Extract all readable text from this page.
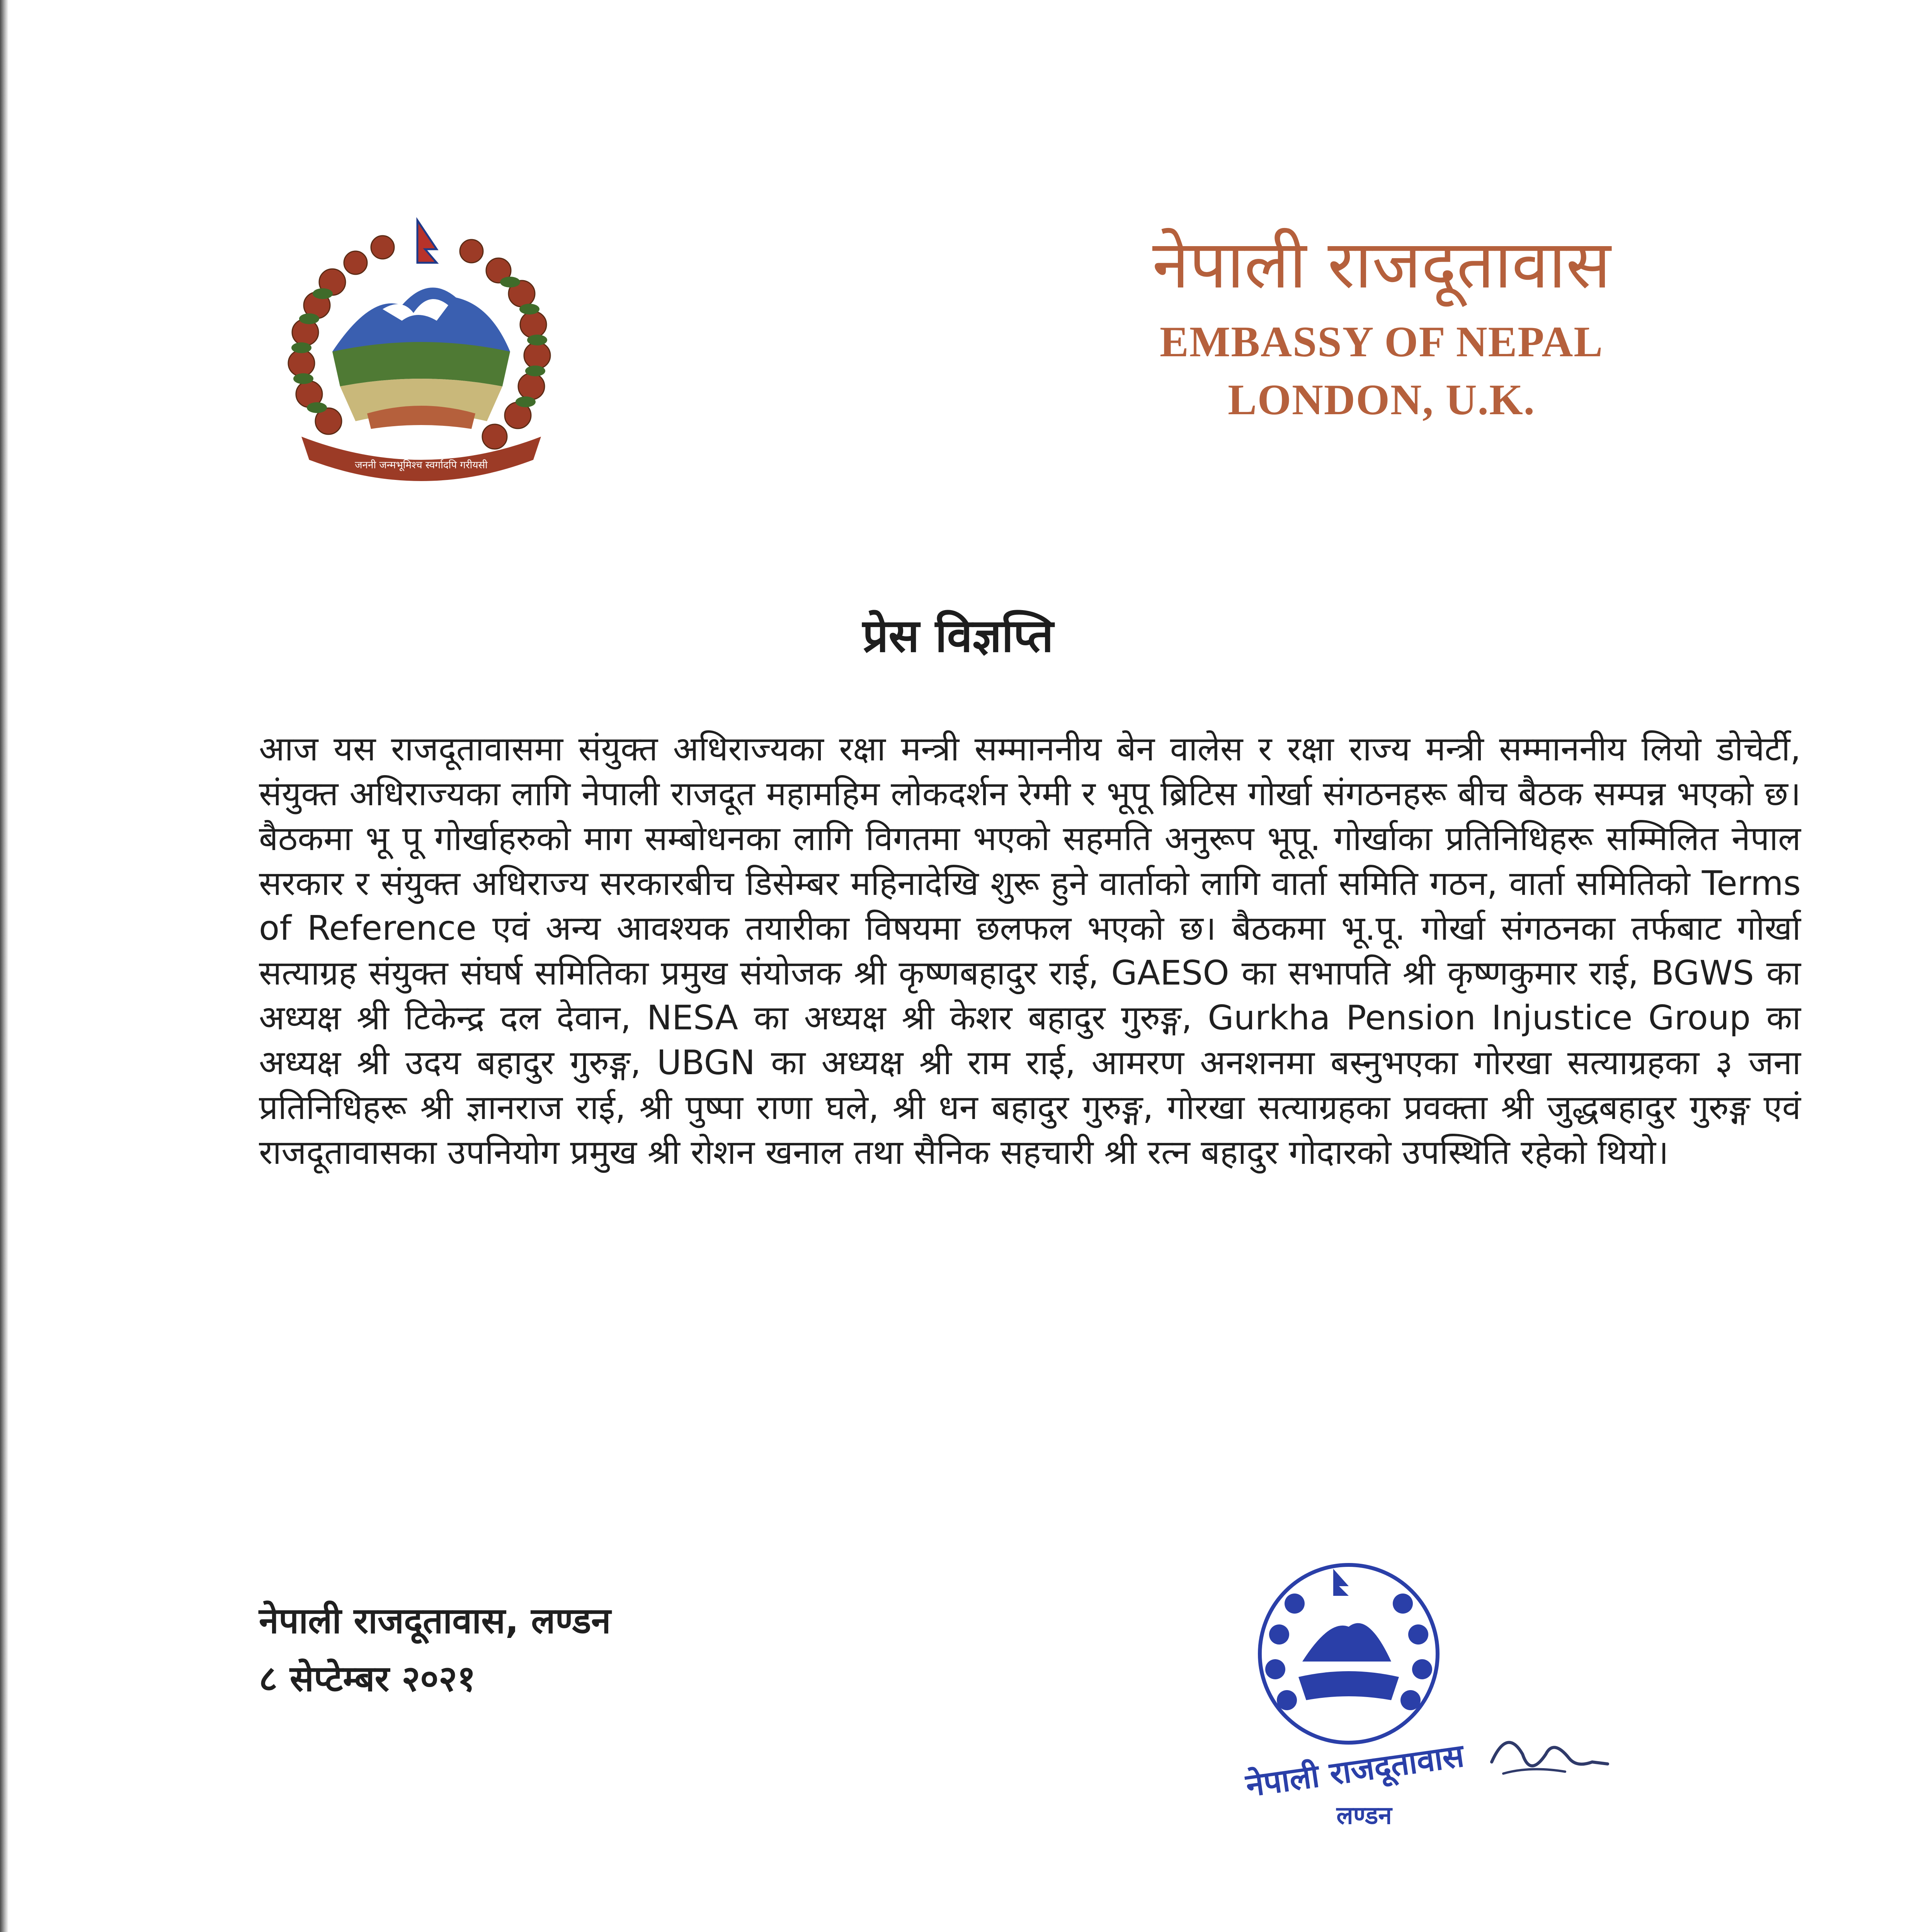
जननी जन्मभूमिश्च स्वर्गादपि गरीयसी
नेपाली राजदूतावास
EMBASSY OF NEPAL
LONDON, U.K.
प्रेस विज्ञप्ति
आज यस राजदूतावासमा संयुक्त अधिराज्यका रक्षा मन्त्री सम्माननीय बेन वालेस र रक्षा राज्य मन्त्री सम्माननीय लियो डोचेर्टी, संयुक्त अधिराज्यका लागि नेपाली राजदूत महामहिम लोकदर्शन रेग्मी र भूपू ब्रिटिस गोर्खा संगठनहरू बीच बैठक सम्पन्न भएको छ। बैठकमा भू पू गोर्खाहरुको माग सम्बोधनका लागि विगतमा भएको सहमति अनुरूप भूपू. गोर्खाका प्रतिनिधिहरू सम्मिलित नेपाल सरकार र संयुक्त अधिराज्य सरकारबीच डिसेम्बर महिनादेखि शुरू हुने वार्ताको लागि वार्ता समिति गठन, वार्ता समितिको Terms of Reference एवं अन्य आवश्यक तयारीका विषयमा छलफल भएको छ। बैठकमा भू.पू. गोर्खा संगठनका तर्फबाट गोर्खा सत्याग्रह संयुक्त संघर्ष समितिका प्रमुख संयोजक श्री कृष्णबहादुर राई, GAESO का सभापति श्री कृष्णकुमार राई, BGWS का अध्यक्ष श्री टिकेन्द्र दल देवान, NESA का अध्यक्ष श्री केशर बहादुर गुरुङ्ग, Gurkha Pension Injustice Group का अध्यक्ष श्री उदय बहादुर गुरुङ्ग, UBGN का अध्यक्ष श्री राम राई, आमरण अनशनमा बस्नुभएका गोरखा सत्याग्रहका ३ जना प्रतिनिधिहरू श्री ज्ञानराज राई, श्री पुष्पा राणा घले, श्री धन बहादुर गुरुङ्ग, गोरखा सत्याग्रहका प्रवक्ता श्री जुद्धबहादुर गुरुङ्ग एवं राजदूतावासका उपनियोग प्रमुख श्री रोशन खनाल तथा सैनिक सहचारी श्री रत्न बहादुर गोदारको उपस्थिति रहेको थियो।
नेपाली राजदूतावास, लण्डन
८ सेप्टेम्बर २०२१
नेपाली राजदूतावास
लण्डन
